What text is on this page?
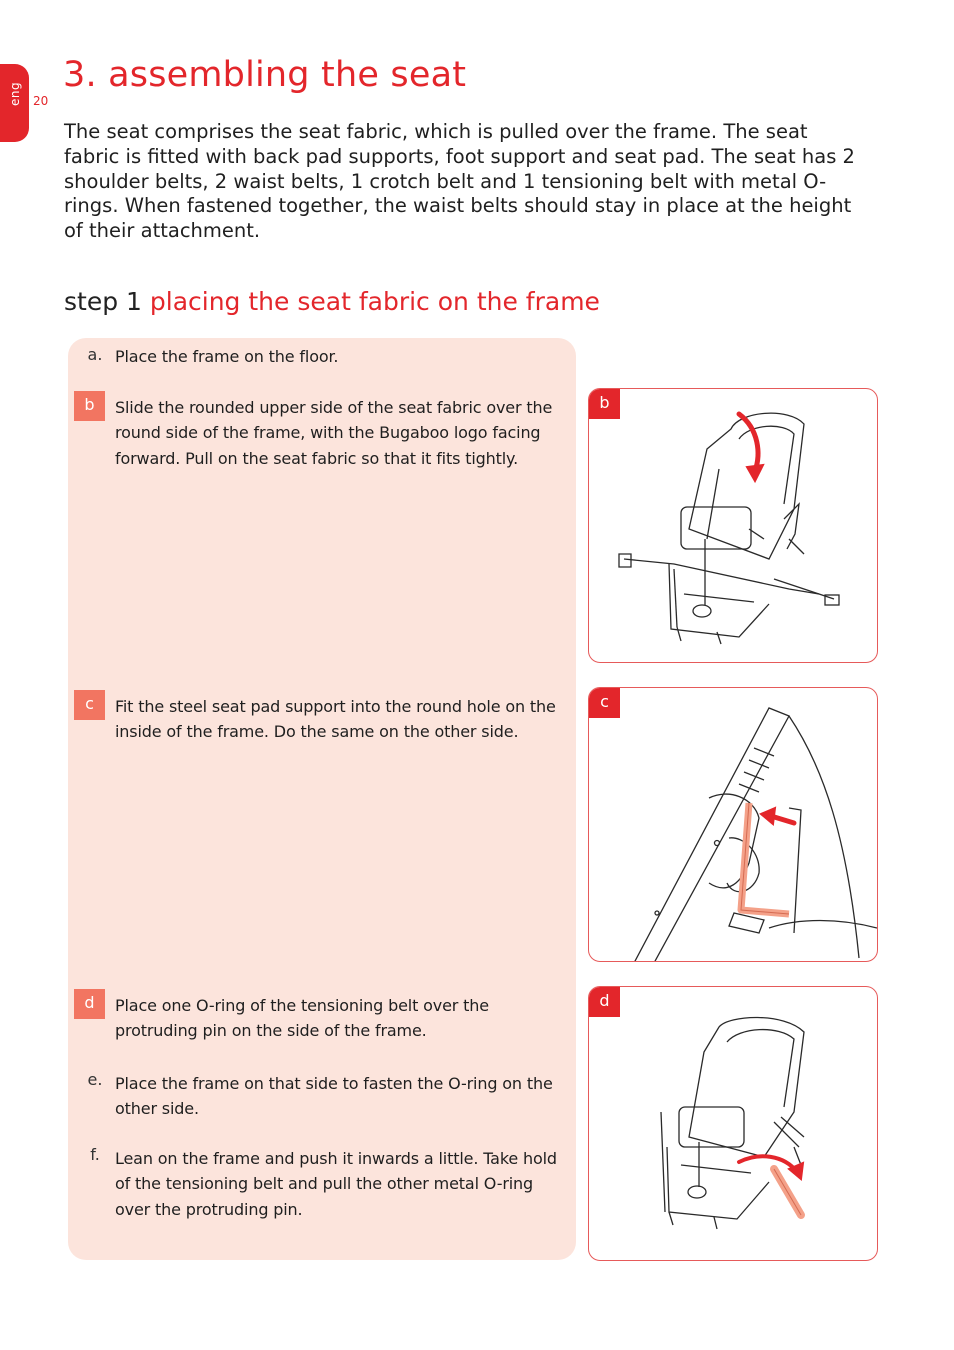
eng 20
3. assembling the seat

The seat comprises the seat fabric, which is pulled over the frame. The seat fabric is fitted with back pad supports, foot support and seat pad. The seat has 2 shoulder belts, 2 waist belts, 1 crotch belt and 1 tensioning belt with metal O-rings. When fastened together, the waist belts should stay in place at the height of their attachment.

step 1 placing the seat fabric on the frame
a. Place the frame on the floor.
b	Slide the rounded upper side of the seat fabric over the round side of the frame, with the Bugaboo logo facing forward. Pull on the seat fabric so that it fits tightly.
c	Fit the steel seat pad support into the round hole on the inside of the frame. Do the same on the other side.
d	Place one O-ring of the tensioning belt over the protruding pin on the side of the frame.
e. Place the frame on that side to fasten the O-ring on the other side.
f. Lean on the frame and push it inwards a little. Take hold of the tensioning belt and pull the other metal O-ring over the protruding pin.
b
c
d
